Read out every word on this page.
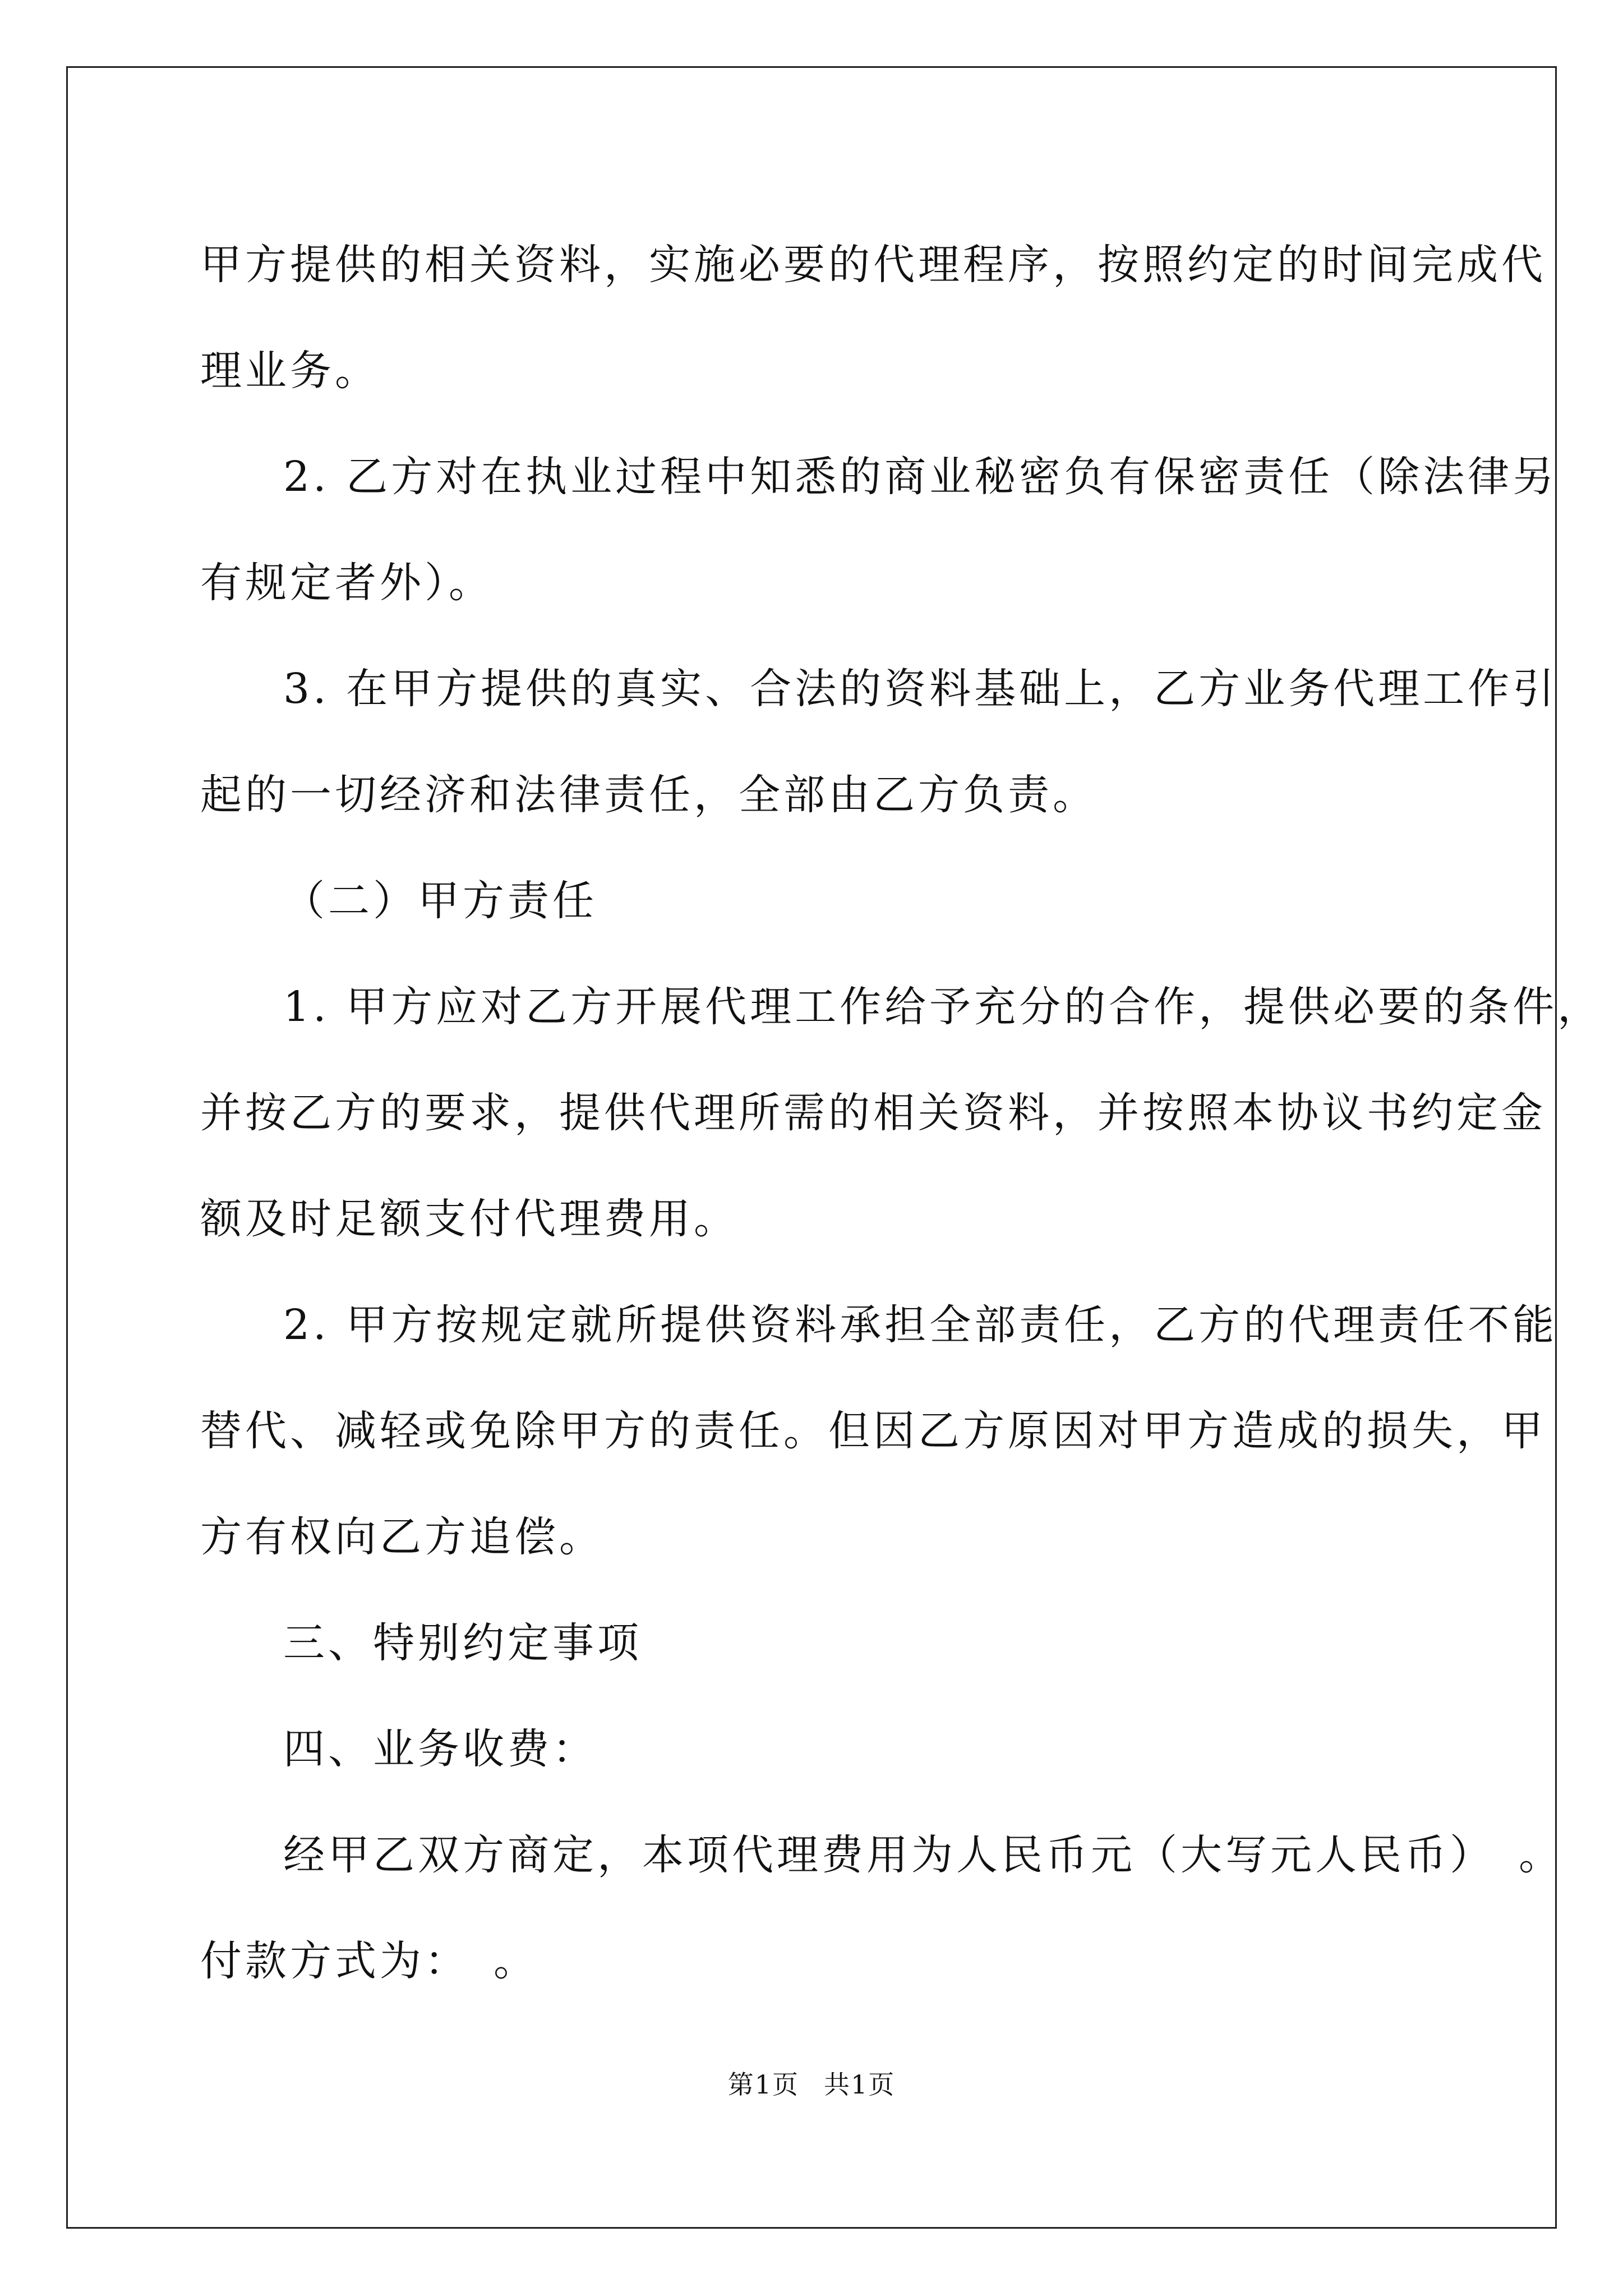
甲方提供的相关资料，实施必要的代理程序，按照约定的时间完成代
理业务。
2. 乙方对在执业过程中知悉的商业秘密负有保密责任（除法律另
有规定者外）。
3. 在甲方提供的真实、合法的资料基础上，乙方业务代理工作引
起的一切经济和法律责任，全部由乙方负责。
（二）甲方责任
1. 甲方应对乙方开展代理工作给予充分的合作，提供必要的条件，
并按乙方的要求，提供代理所需的相关资料，并按照本协议书约定金
额及时足额支付代理费用。
2. 甲方按规定就所提供资料承担全部责任，乙方的代理责任不能
替代、减轻或免除甲方的责任。但因乙方原因对甲方造成的损失，甲
方有权向乙方追偿。
三、特别约定事项
四、业务收费：
经甲乙双方商定，本项代理费用为人民币元（大写元人民币）　。
付款方式为：　。
第1页 共1页
